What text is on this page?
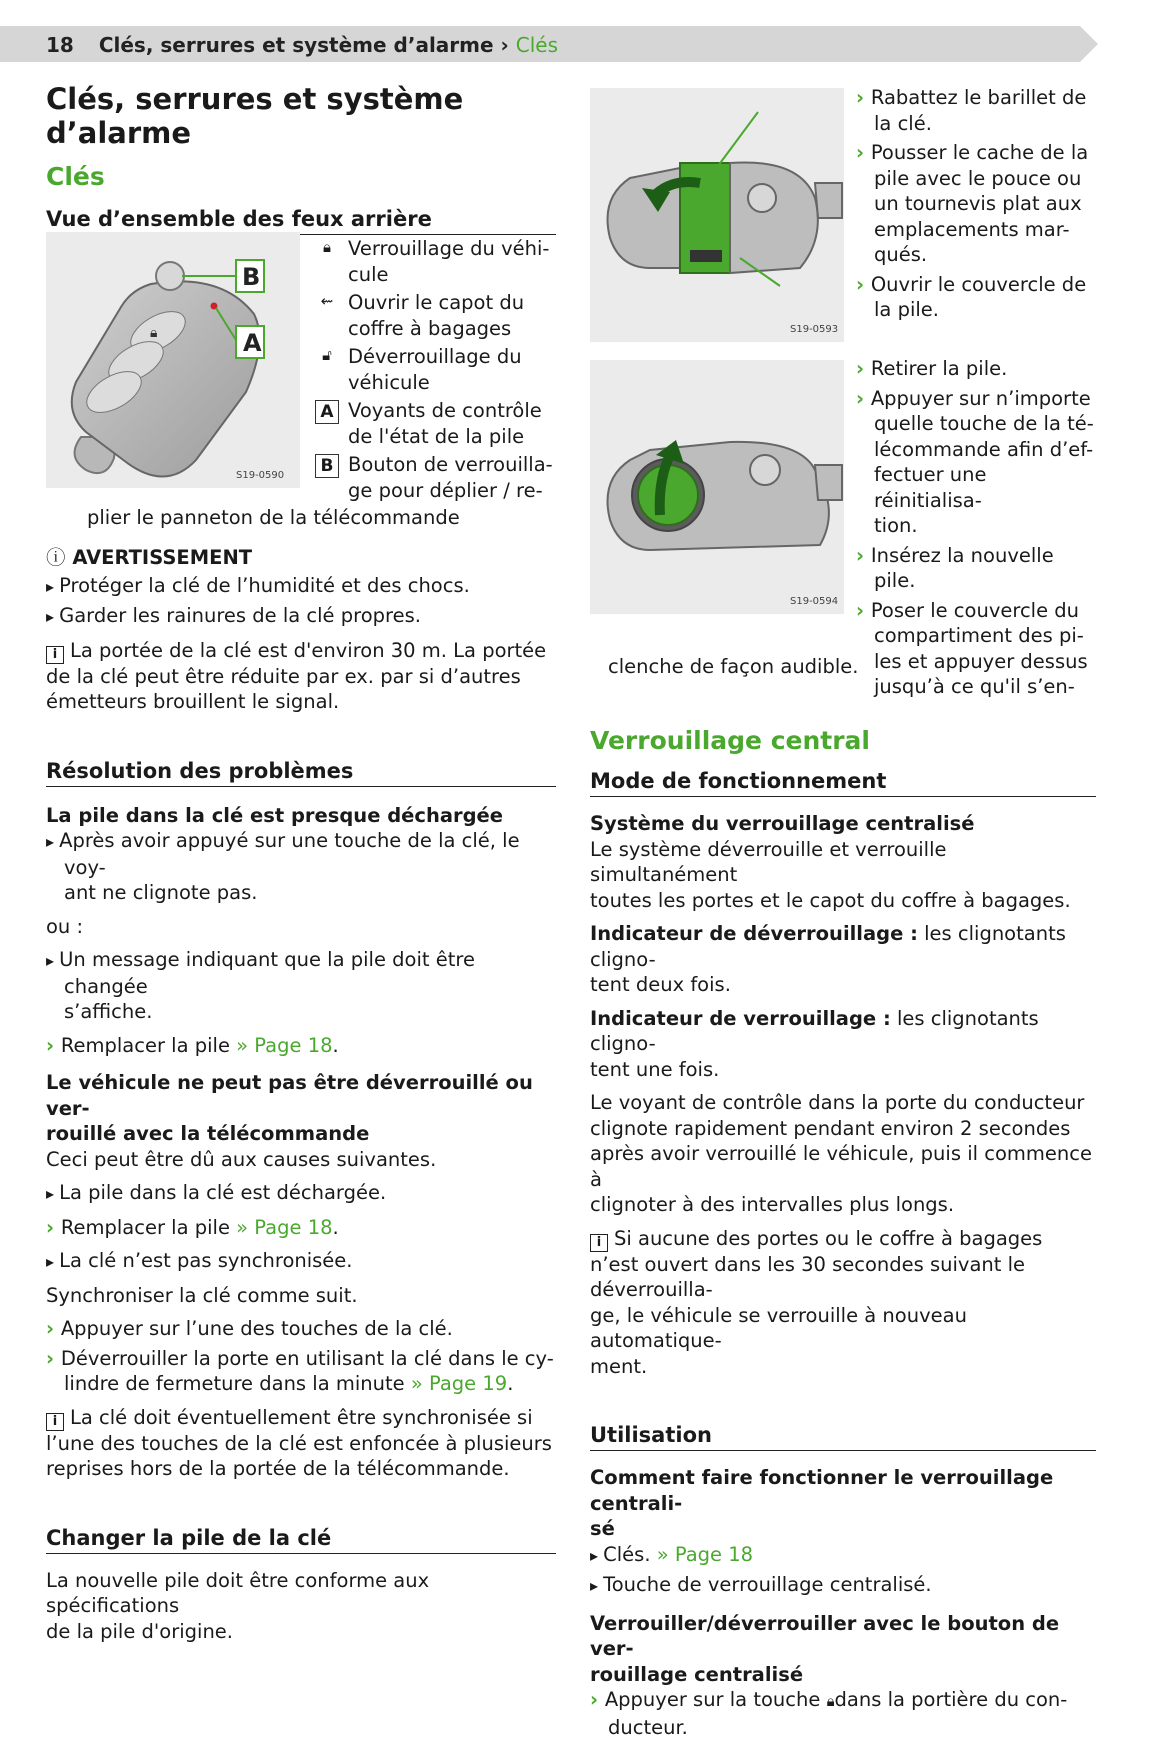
18 Clés, serrures et système d’alarme › Clés
Clés, serrures et système d’alarme
Clés
Vue d’ensemble des feux arrière
🔒︎
B
A
S19-0590
🔒︎ Verrouillage du véhi-
cule
⇜ Ouvrir le capot du
coffre à bagages
🔓︎ Déverrouillage du
véhicule
A Voyants de contrôle
de l'état de la pile
B Bouton de verrouilla-
ge pour déplier / re-
plier le panneton de la télécommande
ⓘ AVERTISSEMENT
▸ Protéger la clé de l’humidité et des chocs.
▸ Garder les rainures de la clé propres.
i La portée de la clé est d'environ 30 m. La portée de la clé peut être réduite par ex. par si d’autres émetteurs brouillent le signal.
Résolution des problèmes
La pile dans la clé est presque déchargée
▸ Après avoir appuyé sur une touche de la clé, le voy-
ant ne clignote pas.
ou :
▸ Un message indiquant que la pile doit être changée
s’affiche.
› Remplacer la pile » Page 18.
Le véhicule ne peut pas être déverrouillé ou ver-
rouillé avec la télécommande
Ceci peut être dû aux causes suivantes.
▸ La pile dans la clé est déchargée.
› Remplacer la pile » Page 18.
▸ La clé n’est pas synchronisée.
Synchroniser la clé comme suit.
› Appuyer sur l’une des touches de la clé.
› Déverrouiller la porte en utilisant la clé dans le cy-
lindre de fermeture dans la minute » Page 19.
i La clé doit éventuellement être synchronisée si l’une des touches de la clé est enfoncée à plusieurs reprises hors de la portée de la télécommande.
Changer la pile de la clé
La nouvelle pile doit être conforme aux spécifications
de la pile d'origine.
S19-0593
S19-0594
› Rabattez le barillet de
la clé.
› Pousser le cache de la
pile avec le pouce ou
un tournevis plat aux
emplacements mar-
qués.
› Ouvrir le couvercle de
la pile.
› Retirer la pile.
› Appuyer sur n’importe
quelle touche de la té-
lécommande afin d’ef-
fectuer une réinitialisa-
tion.
› Insérez la nouvelle pile.
› Poser le couvercle du
compartiment des pi-
les et appuyer dessus
jusqu’à ce qu'il s’en-
clenche de façon audible.
Verrouillage central
Mode de fonctionnement
Système du verrouillage centralisé
Le système déverrouille et verrouille simultanément
toutes les portes et le capot du coffre à bagages.
Indicateur de déverrouillage : les clignotants cligno-
tent deux fois.
Indicateur de verrouillage : les clignotants cligno-
tent une fois.
Le voyant de contrôle dans la porte du conducteur
clignote rapidement pendant environ 2 secondes
après avoir verrouillé le véhicule, puis il commence à
clignoter à des intervalles plus longs.
i Si aucune des portes ou le coffre à bagages n’est ouvert dans les 30 secondes suivant le déverrouilla-
ge, le véhicule se verrouille à nouveau automatique-
ment.
Utilisation
Comment faire fonctionner le verrouillage centrali-
sé
▸ Clés. » Page 18
▸ Touche de verrouillage centralisé.
Verrouiller/déverrouiller avec le bouton de ver-
rouillage centralisé
› Appuyer sur la touche 🔒︎dans la portière du con-
ducteur.
